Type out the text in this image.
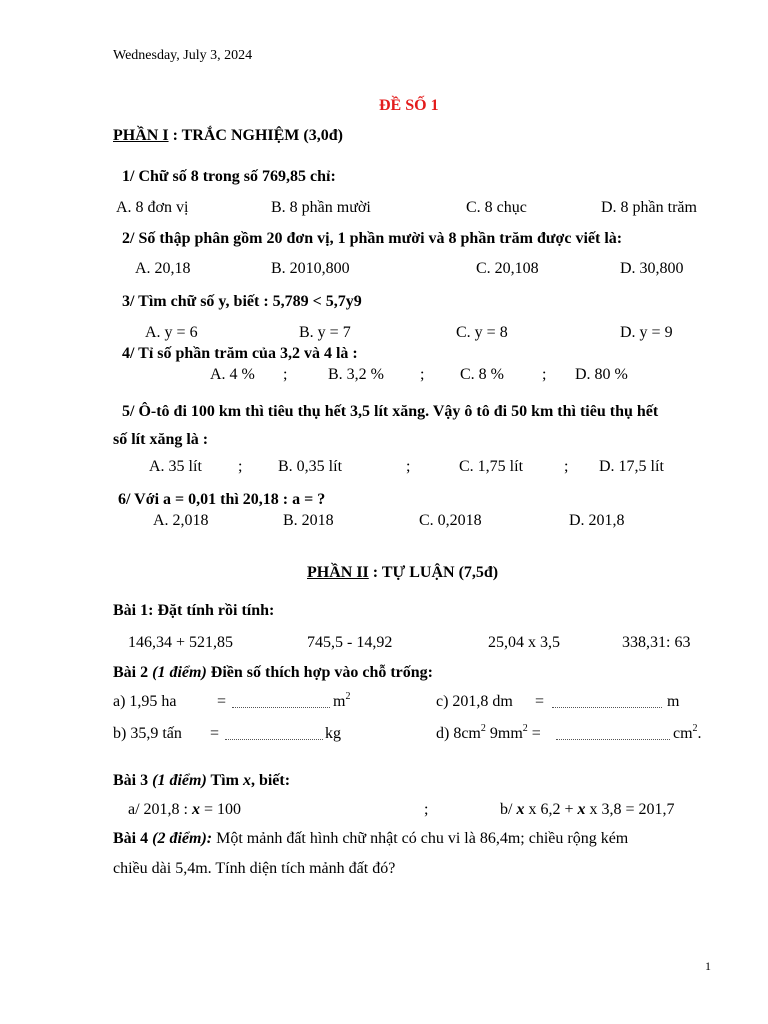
Wednesday, July 3, 2024
ĐỀ SỐ 1
PHẦN I : TRẮC NGHIỆM (3,0đ)
1/ Chữ số 8 trong số 769,85 chỉ:
A. 8 đơn vị	B. 8 phần mười	C. 8 chục	D. 8 phần trăm
2/ Số thập phân gồm 20 đơn vị, 1 phần mười và 8 phần trăm được viết là:
A. 20,18	B. 2010,800	C. 20,108	D. 30,800
3/ Tìm chữ số y, biết : 5,789 < 5,7y9
A. y = 6	B. y = 7	C. y = 8	D. y = 9
4/ Tỉ số phần trăm của 3,2 và 4 là :
A. 4 % ;	B. 3,2 % ; C. 8 % ; D. 80 %
5/ Ô-tô đi 100 km thì tiêu thụ hết 3,5 lít xăng. Vậy ô tô đi 50 km thì tiêu thụ hết
số lít xăng là :
A. 35 lít ; B. 0,35 lít	;	C. 1,75 lít	; D. 17,5 lít
6/ Với a = 0,01 thì 20,18 : a = ?
A. 2,018	B. 2018	C. 0,2018	D. 201,8
PHẦN II : TỰ LUẬN (7,5đ)
Bài 1: Đặt tính rồi tính:
146,34 + 521,85	745,5 - 14,92	25,04 x 3,5	338,31: 63
Bài 2 (1 điểm) Điền số thích hợp vào chỗ trống:
a) 1,95 ha	=	$m^2$	c) 201,8 dm =	m
b) 35,9 tấn =	kg	d) $8cm^2$ $9mm^2$ =	$cm^2$.
Bài 3 (1 điểm) Tìm x, biết:
a/ 201,8 : x = 100	;	b/ x x 6,2 + x x 3,8 = 201,7
Bài 4 (2 điểm): Một mảnh đất hình chữ nhật có chu vi là 86,4m; chiều rộng kém
chiều dài 5,4m. Tính diện tích mảnh đất đó?
1
